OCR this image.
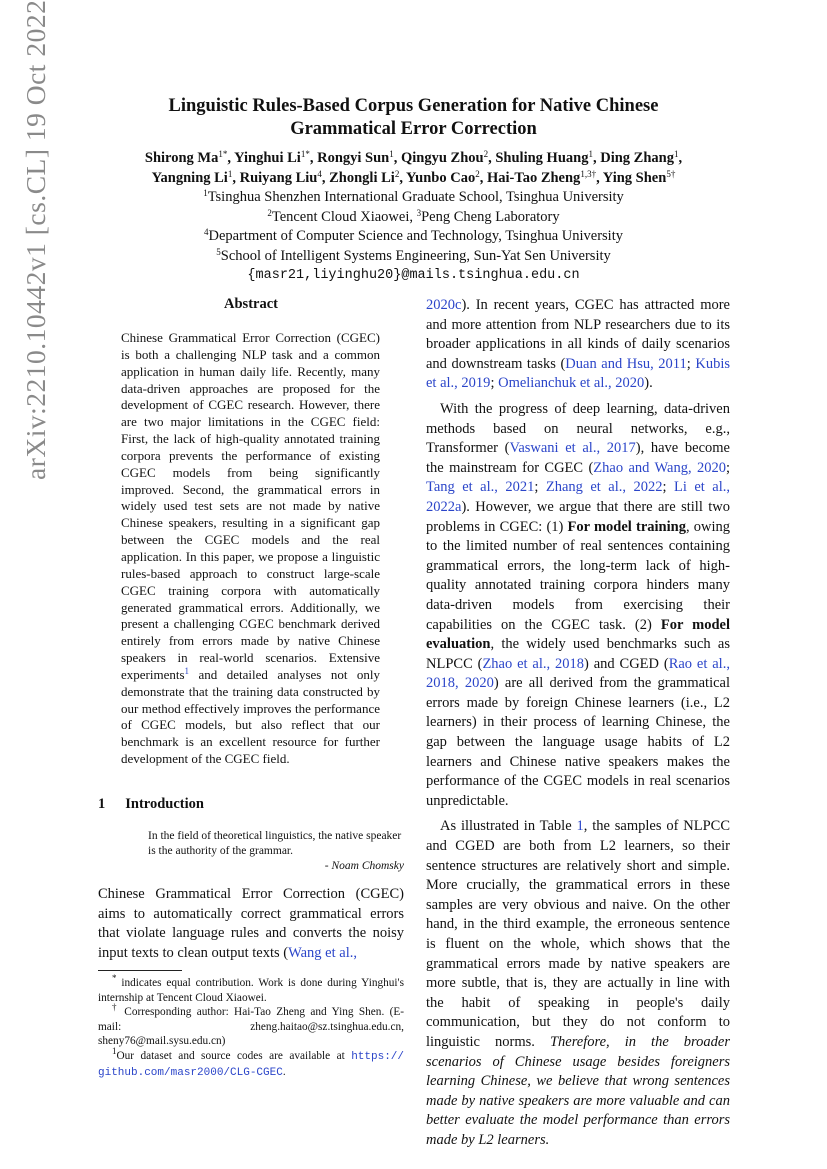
arXiv:2210.10442v1 [cs.CL] 19 Oct 2022	Linguistic Rules-Based Corpus Generation for Native Chinese
Grammatical Error Correction
Shirong $Ma^{1*}$, Yinghui $Li^{1*}$, Rongyi Sun$^1$, Qingyu Zhou$^2$, Shuling Huang$^1$, Ding Zhang$^1$,
Yangning Li$^1$, Ruiyang Liu$^4$, Zhongli Li$^2$, Yunbo Cao$^2$, Hai-Tao Zheng$^{1,3\dagger}$, Ying Shen$^{5\dagger}$
$^1$Tsinghua Shenzhen International Graduate School, Tsinghua University
$^2$Tencent Cloud Xiaowei, $^3$Peng Cheng Laboratory
$^4$Department of Computer Science and Technology, Tsinghua University
$^5$School of Intelligent Systems Engineering, Sun-Yat Sen University
{masr21,liyinghu20}@mails.tsinghua.edu.cn
Abstract
Chinese Grammatical Error Correction (CGEC) is both a challenging NLP task and a common application in human daily life. Recently, many data-driven approaches are proposed for the development of CGEC research. However, there are two major limitations in the CGEC field: First, the lack of high-quality annotated training corpora prevents the performance of existing CGEC models from being significantly improved. Second, the grammatical errors in widely used test sets are not made by native Chinese speakers, resulting in a significant gap between the CGEC models and the real application. In this paper, we propose a linguistic rules-based approach to construct large-scale CGEC training corpora with automatically generated grammatical errors. Additionally, we present a challenging CGEC benchmark derived entirely from errors made by native Chinese speakers in real-world scenarios. Extensive experiments$^1$ and detailed analyses not only demonstrate that the training data constructed by our method effectively improves the performance of CGEC models, but also reflect that our benchmark is an excellent resource for further development of the CGEC field.
1 Introduction
In the field of theoretical linguistics, the native speaker is the authority of the grammar.
- Noam Chomsky
Chinese Grammatical Error Correction (CGEC) aims to automatically correct grammatical errors that violate language rules and converts the noisy input texts to clean output texts (Wang et al.,

* indicates equal contribution. Work is done during Yinghui's internship at Tencent Cloud Xiaowei.

† Corresponding author: Hai-Tao Zheng and Ying Shen. (E-mail: zheng.haitao@sz.tsinghua.edu.cn, sheny76@mail.sysu.edu.cn)

$^1$Our dataset and source codes are available at https:// github.com/masr2000/CLG-CGEC.

2020c). In recent years, CGEC has attracted more and more attention from NLP researchers due to its broader applications in all kinds of daily scenarios and downstream tasks (Duan and Hsu, 2011; Kubis et al., 2019; Omelianchuk et al., 2020).

With the progress of deep learning, data-driven methods based on neural networks, e.g., Transformer (Vaswani et al., 2017), have become the mainstream for CGEC (Zhao and Wang, 2020; Tang et al., 2021; Zhang et al., 2022; Li et al., 2022a). However, we argue that there are still two problems in CGEC: (1) For model training, owing to the limited number of real sentences containing grammatical errors, the long-term lack of high-quality annotated training corpora hinders many data-driven models from exercising their capabilities on the CGEC task. (2) For model evaluation, the widely used benchmarks such as NLPCC (Zhao et al., 2018) and CGED (Rao et al., 2018, 2020) are all derived from the grammatical errors made by foreign Chinese learners (i.e., L2 learners) in their process of learning Chinese, the gap between the language usage habits of L2 learners and Chinese native speakers makes the performance of the CGEC models in real scenarios unpredictable.

As illustrated in Table 1, the samples of NLPCC and CGED are both from L2 learners, so their sentence structures are relatively short and simple. More crucially, the grammatical errors in these samples are very obvious and naive. On the other hand, in the third example, the erroneous sentence is fluent on the whole, which shows that the grammatical errors made by native speakers are more subtle, that is, they are actually in line with the habit of speaking in people's daily communication, but they do not conform to linguistic norms. Therefore, in the broader scenarios of Chinese usage besides foreigners learning Chinese, we believe that wrong sentences made by native speakers are more valuable and can better evaluate the model performance than errors made by L2 learners.
